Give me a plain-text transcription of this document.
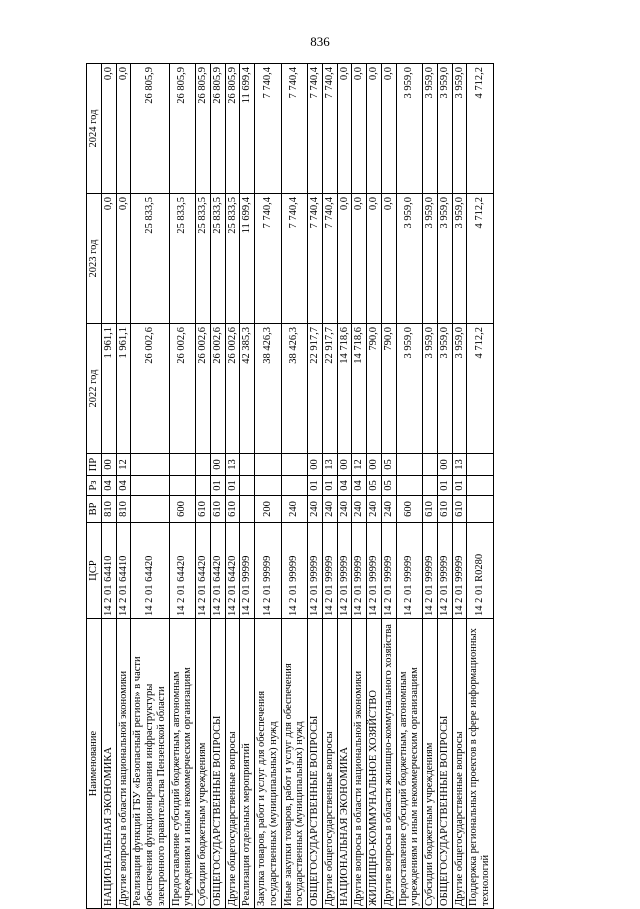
836
Наименование	ЦСР	ВР	Рз	ПР	2022 год	2023 год	2024 год
НАЦИОНАЛЬНАЯ ЭКОНОМИКА	14 2 01 64410	810	04	00	1 961,1	0,0	0,0
Другие вопросы в области национальной экономики	14 2 01 64410	810	04	12	1 961,1	0,0	0,0
Реализация функций ГБУ «Безопасный регион» в части обеспечения функционирования инфраструктуры электронного правительства Пензенской области	14 2 01 64420				26 002,6	25 833,5	26 805,9
Предоставление субсидий бюджетным, автономным учреждениям и иным некоммерческим организациям	14 2 01 64420	600			26 002,6	25 833,5	26 805,9
Субсидии бюджетным учреждениям	14 2 01 64420	610			26 002,6	25 833,5	26 805,9
ОБЩЕГОСУДАРСТВЕННЫЕ ВОПРОСЫ	14 2 01 64420	610	01	00	26 002,6	25 833,5	26 805,9
Другие общегосударственные вопросы	14 2 01 64420	610	01	13	26 002,6	25 833,5	26 805,9
Реализация отдельных мероприятий	14 2 01 99999				42 385,3	11 699,4	11 699,4
Закупка товаров, работ и услуг для обеспечения государственных (муниципальных) нужд	14 2 01 99999	200			38 426,3	7 740,4	7 740,4
Иные закупки товаров, работ и услуг для обеспечения государственных (муниципальных) нужд	14 2 01 99999	240			38 426,3	7 740,4	7 740,4
ОБЩЕГОСУДАРСТВЕННЫЕ ВОПРОСЫ	14 2 01 99999	240	01	00	22 917,7	7 740,4	7 740,4
Другие общегосударственные вопросы	14 2 01 99999	240	01	13	22 917,7	7 740,4	7 740,4
НАЦИОНАЛЬНАЯ ЭКОНОМИКА	14 2 01 99999	240	04	00	14 718,6	0,0	0,0
Другие вопросы в области национальной экономики	14 2 01 99999	240	04	12	14 718,6	0,0	0,0
ЖИЛИЩНО-КОММУНАЛЬНОЕ ХОЗЯЙСТВО	14 2 01 99999	240	05	00	790,0	0,0	0,0
Другие вопросы в области жилищно-коммунального хозяйства	14 2 01 99999	240	05	05	790,0	0,0	0,0
Предоставление субсидий бюджетным, автономным учреждениям и иным некоммерческим организациям	14 2 01 99999	600			3 959,0	3 959,0	3 959,0
Субсидии бюджетным учреждениям	14 2 01 99999	610			3 959,0	3 959,0	3 959,0
ОБЩЕГОСУДАРСТВЕННЫЕ ВОПРОСЫ	14 2 01 99999	610	01	00	3 959,0	3 959,0	3 959,0
Другие общегосударственные вопросы	14 2 01 99999	610	01	13	3 959,0	3 959,0	3 959,0
Поддержка региональных проектов в сфере информационных технологий	14 2 01 R0280				4 712,2	4 712,2	4 712,2
